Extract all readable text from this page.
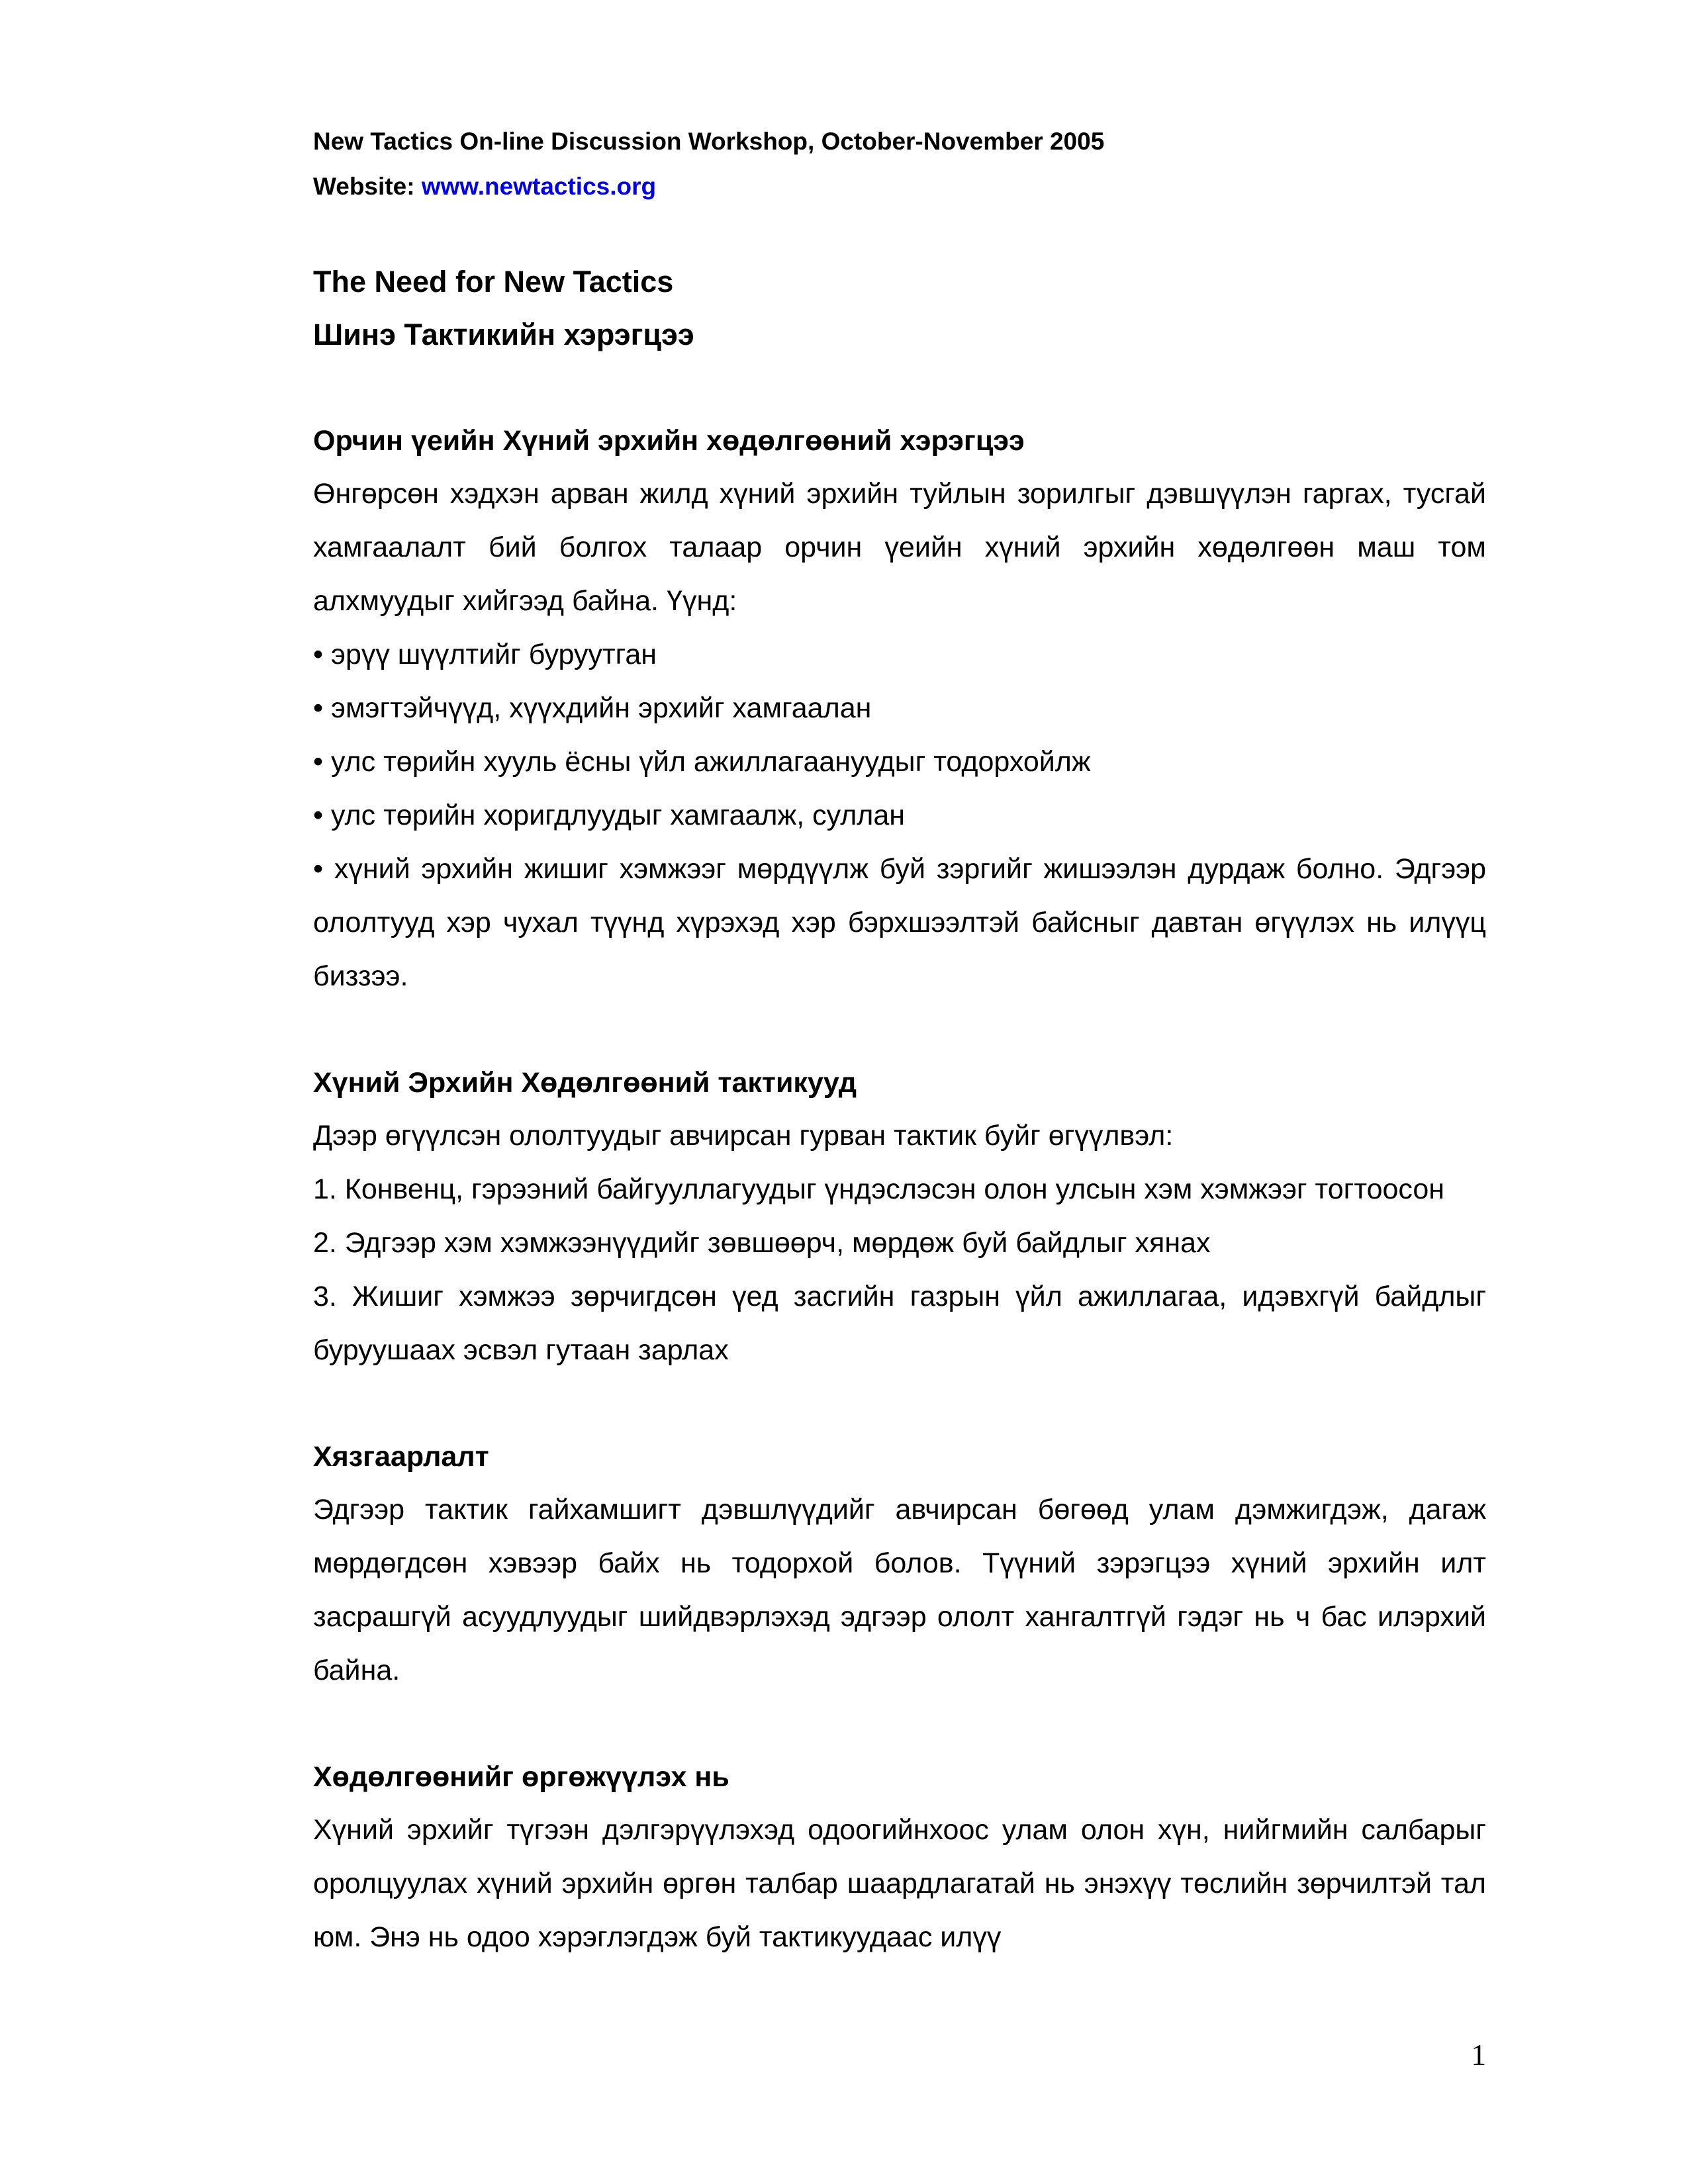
New Tactics On-line Discussion Workshop, October-November 2005

Website: www.newtactics.org

The Need for New Tactics

Шинэ Тактикийн хэрэгцээ

Орчин үеийн Хүний эрхийн хөдөлгөөний хэрэгцээ

Өнгөрсөн хэдхэн арван жилд хүний эрхийн туйлын зорилгыг дэвшүүлэн гаргах, тусгай хамгаалалт бий болгох талаар орчин үеийн хүний эрхийн хөдөлгөөн маш том алхмуудыг хийгээд байна. Үүнд:

• эрүү шүүлтийг буруутган
• эмэгтэйчүүд, хүүхдийн эрхийг хамгаалан
• улс төрийн хууль ёсны үйл ажиллагаануудыг тодорхойлж
• улс төрийн хоригдлуудыг хамгаалж, суллан
• хүний эрхийн жишиг хэмжээг мөрдүүлж буй зэргийг жишээлэн дурдаж болно. Эдгээр ололтууд хэр чухал түүнд хүрэхэд хэр бэрхшээлтэй байсныг давтан өгүүлэх нь илүүц биззээ.

Хүний Эрхийн Хөдөлгөөний тактикууд

Дээр өгүүлсэн ололтуудыг авчирсан гурван тактик буйг өгүүлвэл:

1. Конвенц, гэрээний байгууллагуудыг үндэслэсэн олон улсын хэм хэмжээг тогтоосон
2. Эдгээр хэм хэмжээнүүдийг зөвшөөрч, мөрдөж буй байдлыг хянах
3. Жишиг хэмжээ зөрчигдсөн үед засгийн газрын үйл ажиллагаа, идэвхгүй байдлыг буруушаах эсвэл гутаан зарлах

Хязгаарлалт

Эдгээр тактик гайхамшигт дэвшлүүдийг авчирсан бөгөөд улам дэмжигдэж, дагаж мөрдөгдсөн хэвээр байх нь тодорхой болов. Түүний зэрэгцээ хүний эрхийн илт засрашгүй асуудлуудыг шийдвэрлэхэд эдгээр ололт хангалтгүй гэдэг нь ч бас илэрхий байна.

Хөдөлгөөнийг өргөжүүлэх нь

Хүний эрхийг түгээн дэлгэрүүлэхэд одоогийнхоос улам олон хүн, нийгмийн салбарыг оролцуулах хүний эрхийн өргөн талбар шаардлагатай нь энэхүү төслийн зөрчилтэй тал юм. Энэ нь одоо хэрэглэгдэж буй тактикуудаас илүү

1
